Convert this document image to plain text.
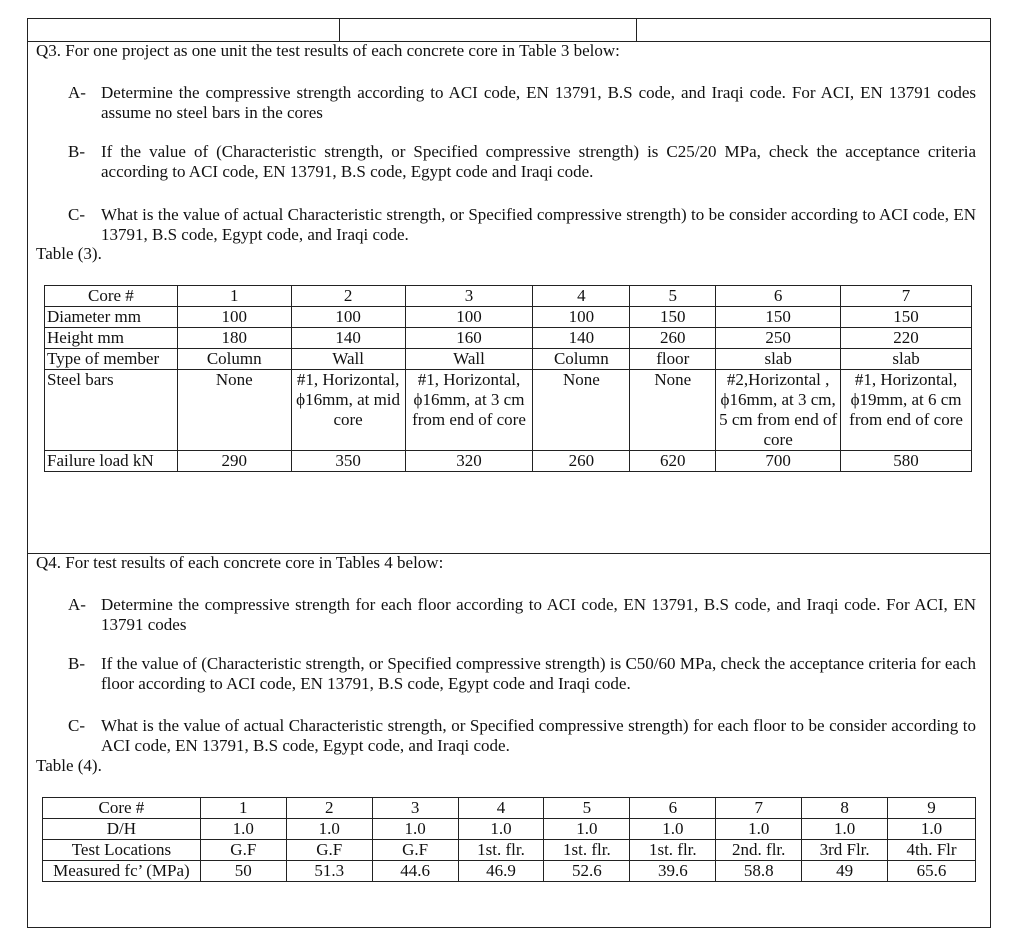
Q3. For one project as one unit the test results of each concrete core in Table 3 below:
A- Determine the compressive strength according to ACI code, EN 13791, B.S code, and Iraqi code. For ACI, EN 13791 codes assume no steel bars in the cores
B- If the value of (Characteristic strength, or Specified compressive strength) is C25/20 MPa, check the acceptance criteria according to ACI code, EN 13791, B.S code, Egypt code and Iraqi code.
C- What is the value of actual Characteristic strength, or Specified compressive strength) to be consider according to ACI code, EN 13791, B.S code, Egypt code, and Iraqi code.
Table (3).
Core #	1	2	3	4	5	6	7
Diameter mm	100	100	100	100	150	150	150
Height mm	180	140	160	140	260	250	220
Type of member	Column	Wall	Wall	Column	floor	slab	slab
Steel bars	None	#1, Horizontal, ϕ16mm, at mid core	#1, Horizontal, ϕ16mm, at 3 cm from end of core	None	None	#2,Horizontal , ϕ16mm, at 3 cm, 5 cm from end of core	#1, Horizontal, ϕ19mm, at 6 cm from end of core
Failure load kN	290	350	320	260	620	700	580
Q4. For test results of each concrete core in Tables 4 below:
A- Determine the compressive strength for each floor according to ACI code, EN 13791, B.S code, and Iraqi code. For ACI, EN 13791 codes
B- If the value of (Characteristic strength, or Specified compressive strength) is C50/60 MPa, check the acceptance criteria for each floor according to ACI code, EN 13791, B.S code, Egypt code and Iraqi code.
C- What is the value of actual Characteristic strength, or Specified compressive strength) for each floor to be consider according to ACI code, EN 13791, B.S code, Egypt code, and Iraqi code.
Table (4).
Core #	1	2	3	4	5	6	7	8	9
D/H	1.0	1.0	1.0	1.0	1.0	1.0	1.0	1.0	1.0
Test Locations	G.F	G.F	G.F	1st. flr.	1st. flr.	1st. flr.	2nd. flr.	3rd Flr.	4th. Flr
Measured fc’ (MPa)	50	51.3	44.6	46.9	52.6	39.6	58.8	49	65.6
